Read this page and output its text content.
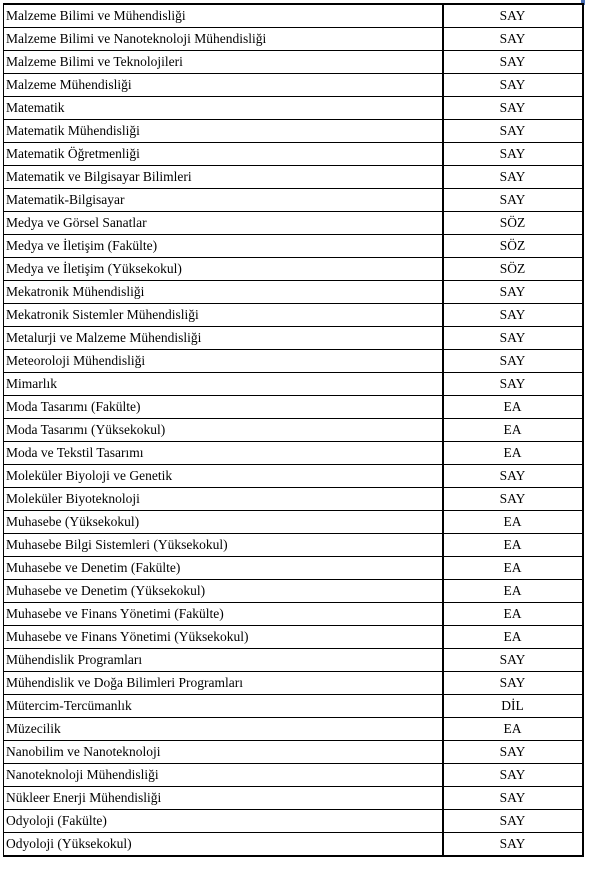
Malzeme Bilimi ve Mühendisliği	SAY
Malzeme Bilimi ve Nanoteknoloji Mühendisliği	SAY
Malzeme Bilimi ve Teknolojileri	SAY
Malzeme Mühendisliği	SAY
Matematik	SAY
Matematik Mühendisliği	SAY
Matematik Öğretmenliği	SAY
Matematik ve Bilgisayar Bilimleri	SAY
Matematik-Bilgisayar	SAY
Medya ve Görsel Sanatlar	SÖZ
Medya ve İletişim (Fakülte)	SÖZ
Medya ve İletişim (Yüksekokul)	SÖZ
Mekatronik Mühendisliği	SAY
Mekatronik Sistemler Mühendisliği	SAY
Metalurji ve Malzeme Mühendisliği	SAY
Meteoroloji Mühendisliği	SAY
Mimarlık	SAY
Moda Tasarımı (Fakülte)	EA
Moda Tasarımı (Yüksekokul)	EA
Moda ve Tekstil Tasarımı	EA
Moleküler Biyoloji ve Genetik	SAY
Moleküler Biyoteknoloji	SAY
Muhasebe (Yüksekokul)	EA
Muhasebe Bilgi Sistemleri (Yüksekokul)	EA
Muhasebe ve Denetim (Fakülte)	EA
Muhasebe ve Denetim (Yüksekokul)	EA
Muhasebe ve Finans Yönetimi (Fakülte)	EA
Muhasebe ve Finans Yönetimi (Yüksekokul)	EA
Mühendislik Programları	SAY
Mühendislik ve Doğa Bilimleri Programları	SAY
Mütercim-Tercümanlık	DİL
Müzecilik	EA
Nanobilim ve Nanoteknoloji	SAY
Nanoteknoloji Mühendisliği	SAY
Nükleer Enerji Mühendisliği	SAY
Odyoloji (Fakülte)	SAY
Odyoloji (Yüksekokul)	SAY
